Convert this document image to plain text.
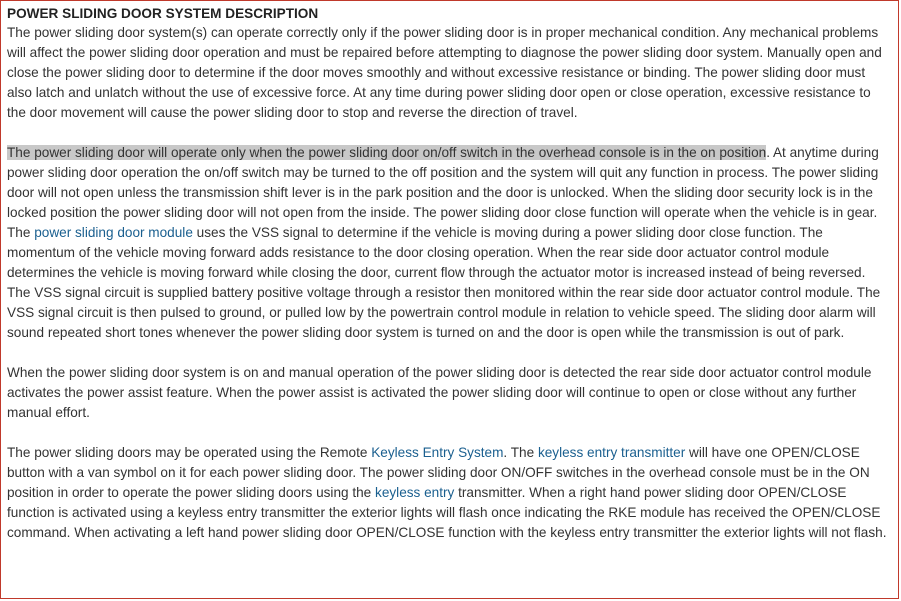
POWER SLIDING DOOR SYSTEM DESCRIPTION

The power sliding door system(s) can operate correctly only if the power sliding door is in proper mechanical condition. Any mechanical problems will affect the power sliding door operation and must be repaired before attempting to diagnose the power sliding door system. Manually open and close the power sliding door to determine if the door moves smoothly and without excessive resistance or binding. The power sliding door must also latch and unlatch without the use of excessive force. At any time during power sliding door open or close operation, excessive resistance to the door movement will cause the power sliding door to stop and reverse the direction of travel.

The power sliding door will operate only when the power sliding door on/off switch in the overhead console is in the on position. At anytime during power sliding door operation the on/off switch may be turned to the off position and the system will quit any function in process. The power sliding door will not open unless the transmission shift lever is in the park position and the door is unlocked. When the sliding door security lock is in the locked position the power sliding door will not open from the inside. The power sliding door close function will operate when the vehicle is in gear. The power sliding door module uses the VSS signal to determine if the vehicle is moving during a power sliding door close function. The momentum of the vehicle moving forward adds resistance to the door closing operation. When the rear side door actuator control module determines the vehicle is moving forward while closing the door, current flow through the actuator motor is increased instead of being reversed. The VSS signal circuit is supplied battery positive voltage through a resistor then monitored within the rear side door actuator control module. The VSS signal circuit is then pulsed to ground, or pulled low by the powertrain control module in relation to vehicle speed. The sliding door alarm will sound repeated short tones whenever the power sliding door system is turned on and the door is open while the transmission is out of park.

When the power sliding door system is on and manual operation of the power sliding door is detected the rear side door actuator control module activates the power assist feature. When the power assist is activated the power sliding door will continue to open or close without any further manual effort.

The power sliding doors may be operated using the Remote Keyless Entry System. The keyless entry transmitter will have one OPEN/CLOSE button with a van symbol on it for each power sliding door. The power sliding door ON/OFF switches in the overhead console must be in the ON position in order to operate the power sliding doors using the keyless entry transmitter. When a right hand power sliding door OPEN/CLOSE function is activated using a keyless entry transmitter the exterior lights will flash once indicating the RKE module has received the OPEN/CLOSE command. When activating a left hand power sliding door OPEN/CLOSE function with the keyless entry transmitter the exterior lights will not flash.
